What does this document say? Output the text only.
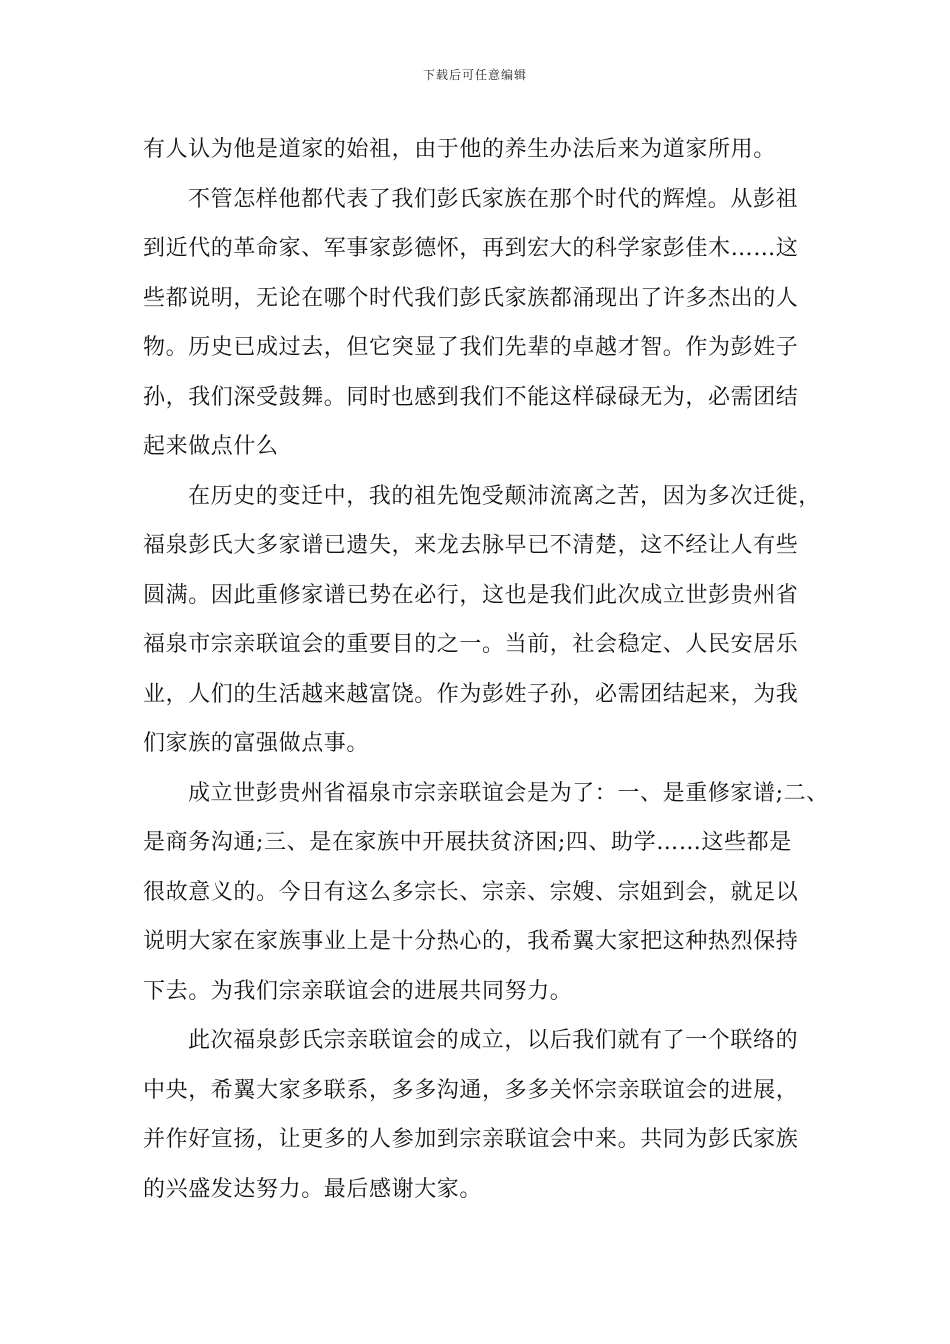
下载后可任意编辑
有人认为他是道家的始祖，由于他的养生办法后来为道家所用。
不管怎样他都代表了我们彭氏家族在那个时代的辉煌。从彭祖
到近代的革命家、军事家彭德怀，再到宏大的科学家彭佳木……这
些都说明，无论在哪个时代我们彭氏家族都涌现出了许多杰出的人
物。历史已成过去，但它突显了我们先辈的卓越才智。作为彭姓子
孙，我们深受鼓舞。同时也感到我们不能这样碌碌无为，必需团结
起来做点什么
在历史的变迁中，我的祖先饱受颠沛流离之苦，因为多次迁徙，
福泉彭氏大多家谱已遗失，来龙去脉早已不清楚，这不经让人有些
圆满。因此重修家谱已势在必行，这也是我们此次成立世彭贵州省
福泉市宗亲联谊会的重要目的之一。当前，社会稳定、人民安居乐
业，人们的生活越来越富饶。作为彭姓子孙，必需团结起来，为我
们家族的富强做点事。
成立世彭贵州省福泉市宗亲联谊会是为了：一、是重修家谱;二、
是商务沟通;三、是在家族中开展扶贫济困;四、助学……这些都是
很故意义的。今日有这么多宗长、宗亲、宗嫂、宗姐到会，就足以
说明大家在家族事业上是十分热心的，我希翼大家把这种热烈保持
下去。为我们宗亲联谊会的进展共同努力。
此次福泉彭氏宗亲联谊会的成立，以后我们就有了一个联络的
中央，希翼大家多联系，多多沟通，多多关怀宗亲联谊会的进展，
并作好宣扬，让更多的人参加到宗亲联谊会中来。共同为彭氏家族
的兴盛发达努力。最后感谢大家。
